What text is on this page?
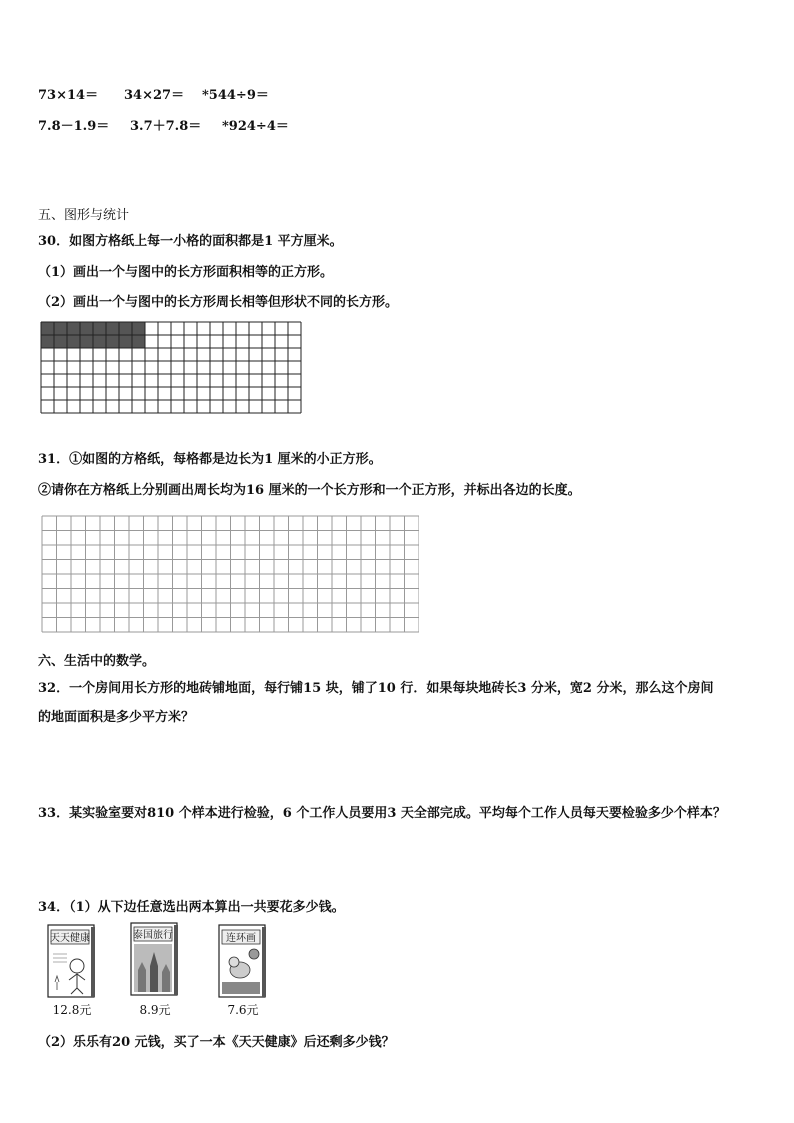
73×14＝ 34×27＝ *544÷9＝
7.8－1.9＝ 3.7＋7.8＝ *924÷4＝
五、图形与统计
30．如图方格纸上每一小格的面积都是1 平方厘米。
（1）画出一个与图中的长方形面积相等的正方形。
（2）画出一个与图中的长方形周长相等但形状不同的长方形。
31．①如图的方格纸，每格都是边长为1 厘米的小正方形。
②请你在方格纸上分别画出周长均为16 厘米的一个长方形和一个正方形，并标出各边的长度。
六、生活中的数学。
32．一个房间用长方形的地砖铺地面，每行铺15 块，铺了10 行．如果每块地砖长3 分米，宽2 分米，那么这个房间
的地面面积是多少平方米？
33．某实验室要对810 个样本进行检验，6 个工作人员要用3 天全部完成。平均每个工作人员每天要检验多少个样本？
34．（1）从下边任意选出两本算出一共要花多少钱。
天天健康
12.8元
泰国旅行
8.9元
连环画
7.6元
（2）乐乐有20 元钱，买了一本《天天健康》后还剩多少钱？
